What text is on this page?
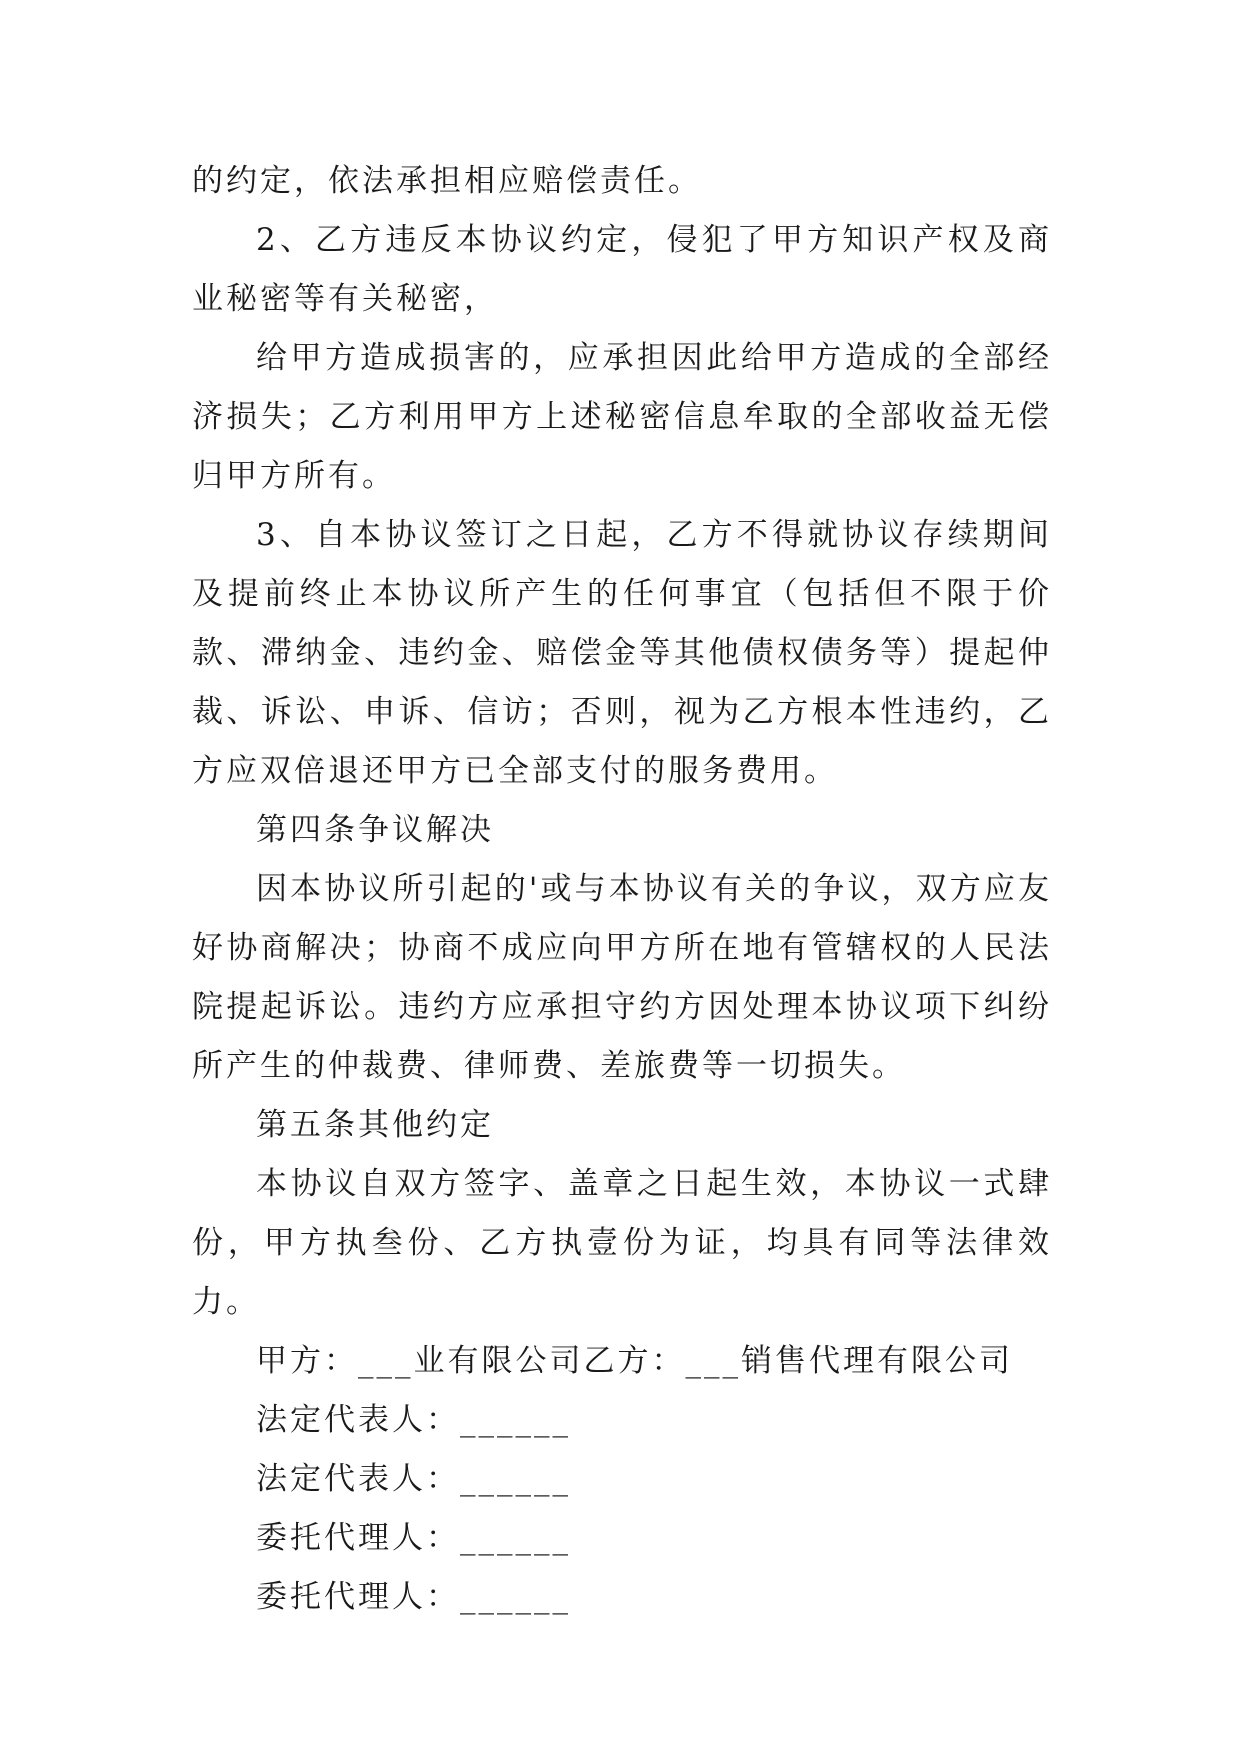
的约定，依法承担相应赔偿责任。

2、乙方违反本协议约定，侵犯了甲方知识产权及商业秘密等有关秘密，

给甲方造成损害的，应承担因此给甲方造成的全部经济损失；乙方利用甲方上述秘密信息牟取的全部收益无偿归甲方所有。

3、自本协议签订之日起，乙方不得就协议存续期间及提前终止本协议所产生的任何事宜（包括但不限于价款、滞纳金、违约金、赔偿金等其他债权债务等）提起仲裁、诉讼、申诉、信访；否则，视为乙方根本性违约，乙方应双倍退还甲方已全部支付的服务费用。

第四条争议解决

因本协议所引起的'或与本协议有关的争议，双方应友好协商解决；协商不成应向甲方所在地有管辖权的人民法院提起诉讼。违约方应承担守约方因处理本协议项下纠纷所产生的仲裁费、律师费、差旅费等一切损失。

第五条其他约定

本协议自双方签字、盖章之日起生效，本协议一式肆份，甲方执叁份、乙方执壹份为证，均具有同等法律效力。

甲方：___业有限公司乙方：___销售代理有限公司

法定代表人：______

法定代表人：______

委托代理人：______

委托代理人：______
